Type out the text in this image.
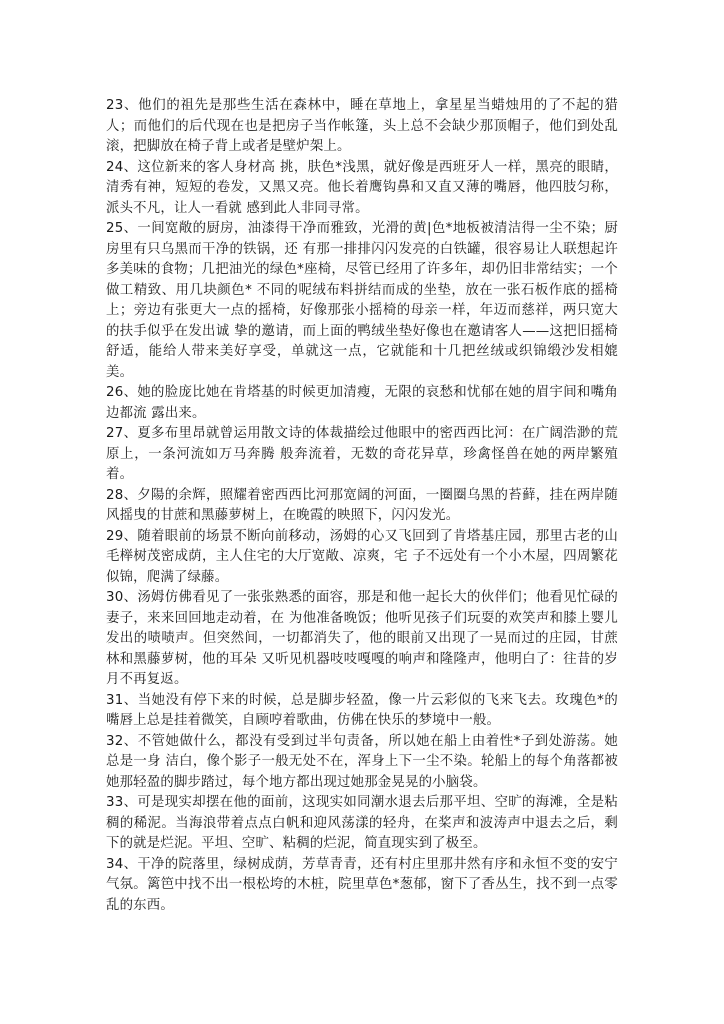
23、他们的祖先是那些生活在森林中，睡在草地上，拿星星当蜡烛用的了不起的猎 人；而他们的后代现在也是把房子当作帐篷，头上总不会缺少那顶帽子，他们到处乱滚，把脚放在椅子背上或者是壁炉架上。

24、这位新来的客人身材高 挑，肤色*浅黑，就好像是西班牙人一样，黑亮的眼睛，清秀有神，短短的卷发，又黑又亮。他长着鹰钩鼻和又直又薄的嘴唇，他四肢匀称，派头不凡，让人一看就 感到此人非同寻常。

25、一间宽敞的厨房，油漆得干净而雅致，光滑的黄|色*地板被清洁得一尘不染；厨房里有只乌黑而干净的铁锅，还 有那一排排闪闪发亮的白铁罐，很容易让人联想起许多美味的食物；几把油光的绿色*座椅，尽管已经用了许多年，却仍旧非常结实；一个做工精致、用几块颜色* 不同的呢绒布料拼结而成的坐垫，放在一张石板作底的摇椅上；旁边有张更大一点的摇椅，好像那张小摇椅的母亲一样，年迈而慈祥，两只宽大的扶手似乎在发出诚 挚的邀请，而上面的鸭绒坐垫好像也在邀请客人——这把旧摇椅舒适，能给人带来美好享受，单就这一点，它就能和十几把丝绒或织锦缎沙发相媲美。

26、她的脸庞比她在肯塔基的时候更加清瘦，无限的哀愁和忧郁在她的眉宇间和嘴角边都流 露出来。

27、夏多布里昂就曾运用散文诗的体裁描绘过他眼中的密西西比河：在广阔浩渺的荒原上，一条河流如万马奔腾 般奔流着，无数的奇花异草，珍禽怪兽在她的两岸繁殖着。

28、夕陽的余辉，照耀着密西西比河那宽阔的河面，一圈圈乌黑的苔藓，挂在两岸随风摇曳的甘蔗和黑藤萝树上，在晚霞的映照下，闪闪发光。

29、随着眼前的场景不断向前移动，汤姆的心又飞回到了肯塔基庄园，那里古老的山毛榉树茂密成荫，主人住宅的大厅宽敞、凉爽，宅 子不远处有一个小木屋，四周繁花似锦，爬满了绿藤。

30、汤姆仿佛看见了一张张熟悉的面容，那是和他一起长大的伙伴们；他看见忙碌的妻子，来来回回地走动着，在 为他准备晚饭；他听见孩子们玩耍的欢笑声和膝上婴儿发出的啧啧声。但突然间，一切都消失了，他的眼前又出现了一晃而过的庄园，甘蔗林和黑藤萝树，他的耳朵 又听见机器吱吱嘎嘎的响声和隆隆声，他明白了：往昔的岁月不再复返。

31、当她没有停下来的时候，总是脚步轻盈，像一片云彩似的飞来飞去。玫瑰色*的嘴唇上总是挂着微笑，自顾哼着歌曲，仿佛在快乐的梦境中一般。

32、不管她做什么，都没有受到过半句责备，所以她在船上由着性*子到处游荡。她总是一身 洁白，像个影子一般无处不在，浑身上下一尘不染。轮船上的每个角落都被她那轻盈的脚步踏过，每个地方都出现过她那金晃晃的小脑袋。

33、可是现实却摆在他的面前，这现实如同潮水退去后那平坦、空旷的海滩，全是粘稠的稀泥。当海浪带着点点白帆和迎风荡漾的轻舟，在桨声和波涛声中退去之后，剩下的就是烂泥。平坦、空旷、粘稠的烂泥，简直现实到了极至。

34、干净的院落里，绿树成荫，芳草青青，还有村庄里那井然有序和永恒不变的安宁 气氛。篱笆中找不出一根松垮的木桩，院里草色*葱郁，窗下了香丛生，找不到一点零乱的东西。
